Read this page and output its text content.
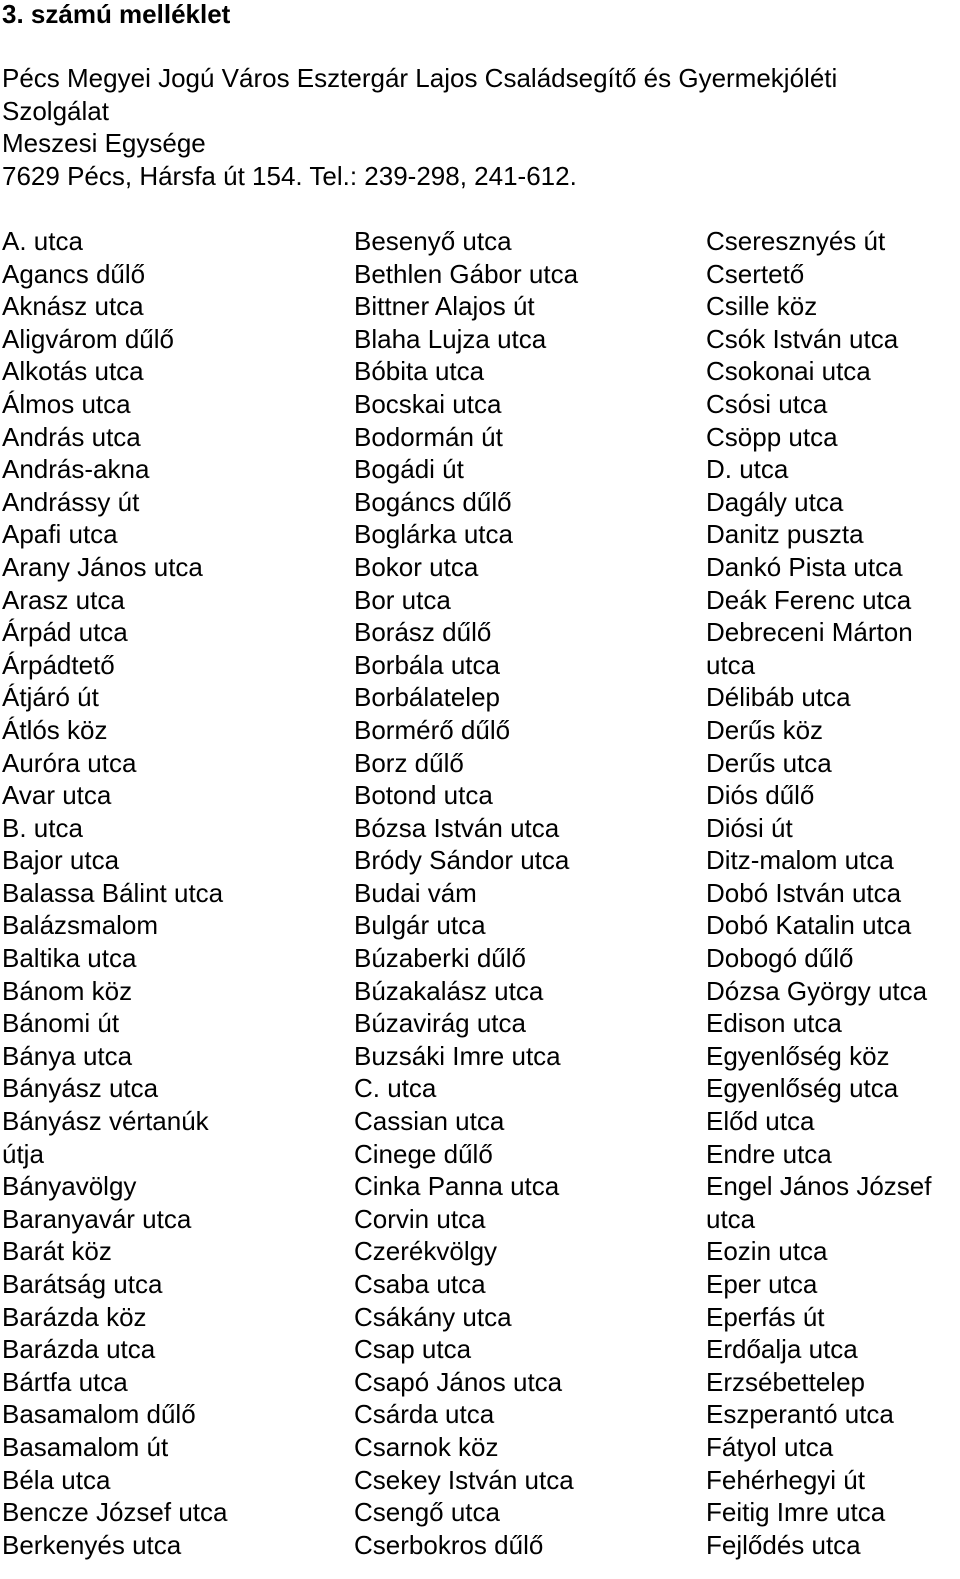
3. számú melléklet
Pécs Megyei Jogú Város Esztergár Lajos Családsegítő és Gyermekjóléti
Szolgálat
Meszesi Egysége
7629 Pécs, Hársfa út 154. Tel.: 239-298, 241-612.
A. utca
Agancs dűlő
Aknász utca
Aligvárom dűlő
Alkotás utca
Álmos utca
András utca
András-akna
Andrássy út
Apafi utca
Arany János utca
Arasz utca
Árpád utca
Árpádtető
Átjáró út
Átlós köz
Auróra utca
Avar utca
B. utca
Bajor utca
Balassa Bálint utca
Balázsmalom
Baltika utca
Bánom köz
Bánomi út
Bánya utca
Bányász utca
Bányász vértanúk
útja
Bányavölgy
Baranyavár utca
Barát köz
Barátság utca
Barázda köz
Barázda utca
Bártfa utca
Basamalom dűlő
Basamalom út
Béla utca
Bencze József utca
Berkenyés utca
Besenyő utca
Bethlen Gábor utca
Bittner Alajos út
Blaha Lujza utca
Bóbita utca
Bocskai utca
Bodormán út
Bogádi út
Bogáncs dűlő
Boglárka utca
Bokor utca
Bor utca
Borász dűlő
Borbála utca
Borbálatelep
Bormérő dűlő
Borz dűlő
Botond utca
Bózsa István utca
Bródy Sándor utca
Budai vám
Bulgár utca
Búzaberki dűlő
Búzakalász utca
Búzavirág utca
Buzsáki Imre utca
C. utca
Cassian utca
Cinege dűlő
Cinka Panna utca
Corvin utca
Czerékvölgy
Csaba utca
Csákány utca
Csap utca
Csapó János utca
Csárda utca
Csarnok köz
Csekey István utca
Csengő utca
Cserbokros dűlő
Cseresznyés út
Csertető
Csille köz
Csók István utca
Csokonai utca
Csósi utca
Csöpp utca
D. utca
Dagály utca
Danitz puszta
Dankó Pista utca
Deák Ferenc utca
Debreceni Márton
utca
Délibáb utca
Derűs köz
Derűs utca
Diós dűlő
Diósi út
Ditz-malom utca
Dobó István utca
Dobó Katalin utca
Dobogó dűlő
Dózsa György utca
Edison utca
Egyenlőség köz
Egyenlőség utca
Előd utca
Endre utca
Engel János József
utca
Eozin utca
Eper utca
Eperfás út
Erdőalja utca
Erzsébettelep
Eszperantó utca
Fátyol utca
Fehérhegyi út
Feitig Imre utca
Fejlődés utca
